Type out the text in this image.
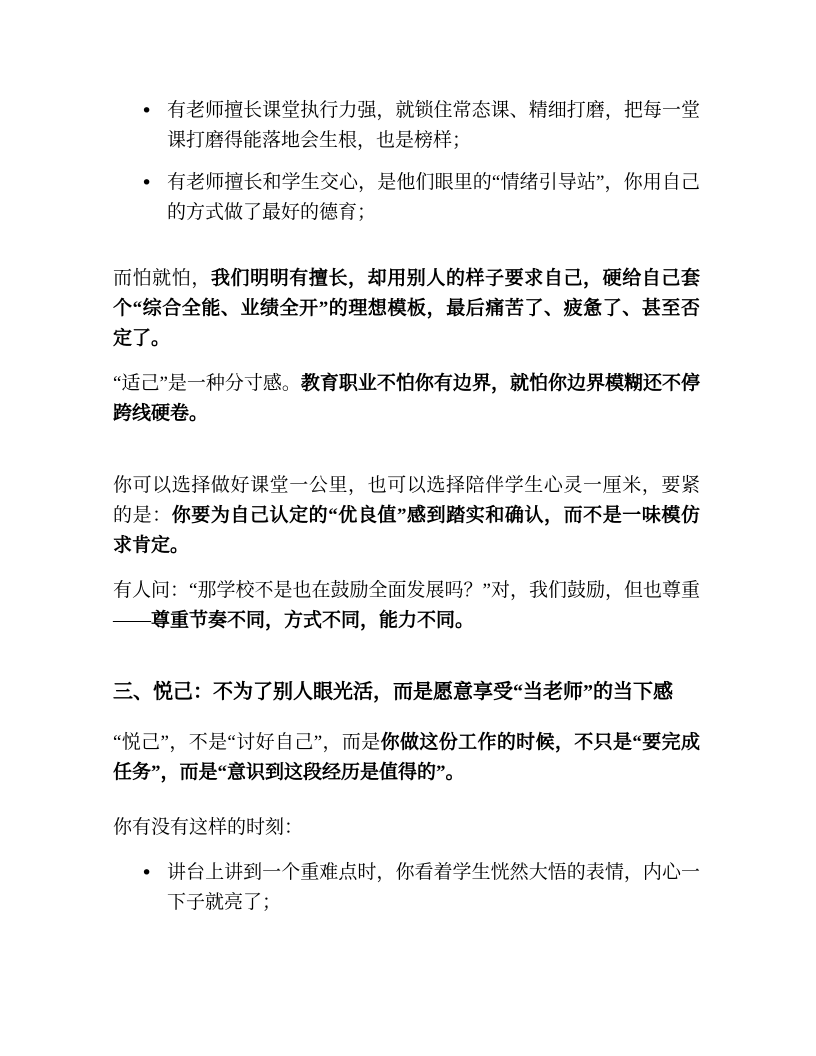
• 有老师擅长课堂执行力强，就锁住常态课、精细打磨，把每一堂课打磨得能落地会生根，也是榜样；
• 有老师擅长和学生交心，是他们眼里的“情绪引导站”，你用自己的方式做了最好的德育；
而怕就怕，我们明明有擅长，却用别人的样子要求自己，硬给自己套个“综合全能、业绩全开”的理想模板，最后痛苦了、疲惫了、甚至否定了。
“适己”是一种分寸感。教育职业不怕你有边界，就怕你边界模糊还不停跨线硬卷。
你可以选择做好课堂一公里，也可以选择陪伴学生心灵一厘米，要紧的是：你要为自己认定的“优良值”感到踏实和确认，而不是一味模仿求肯定。
有人问：“那学校不是也在鼓励全面发展吗？”对，我们鼓励，但也尊重——尊重节奏不同，方式不同，能力不同。
三、悦己：不为了别人眼光活，而是愿意享受“当老师”的当下感
“悦己”，不是“讨好自己”，而是你做这份工作的时候，不只是“要完成任务”，而是“意识到这段经历是值得的”。
你有没有这样的时刻：
• 讲台上讲到一个重难点时，你看着学生恍然大悟的表情，内心一下子就亮了；
